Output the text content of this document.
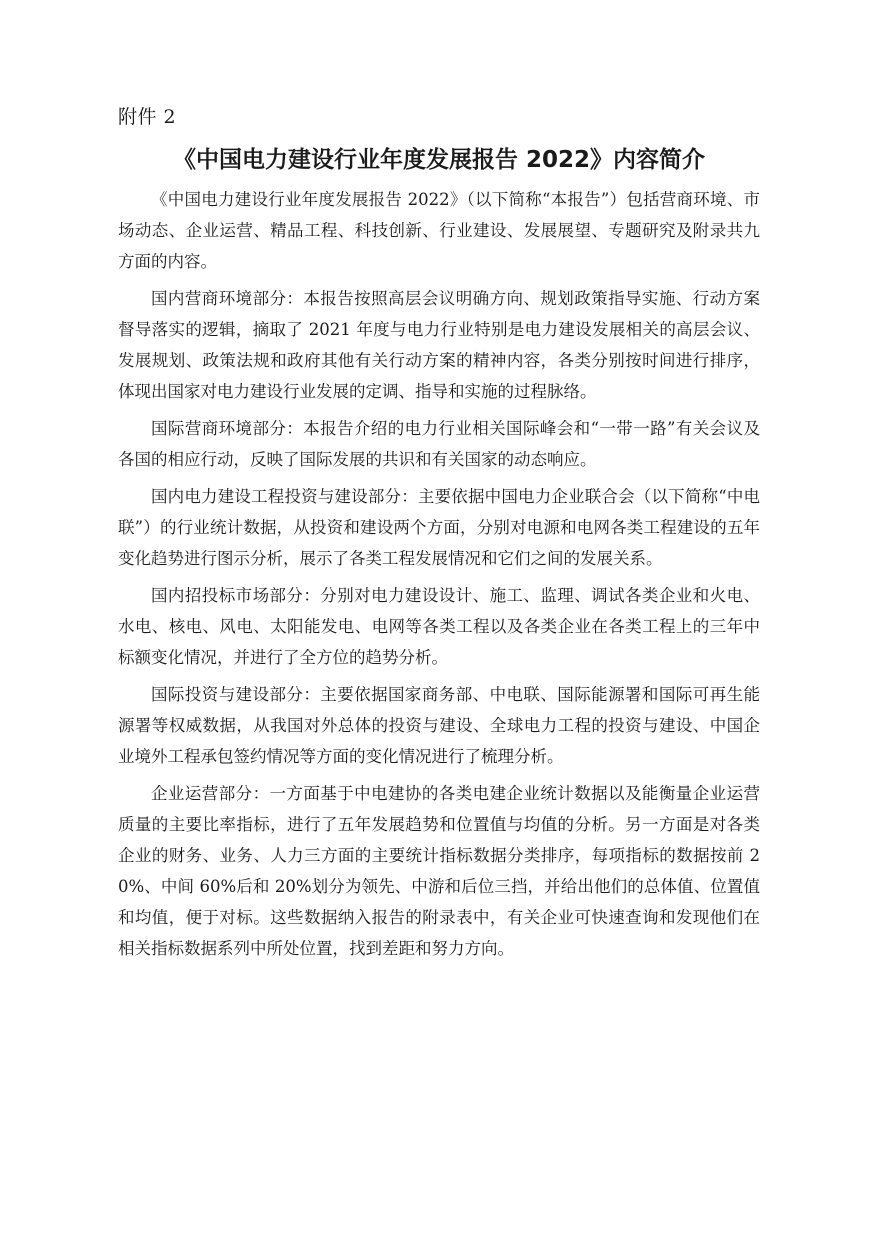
附件 2
《中国电力建设行业年度发展报告 2022》内容简介

《中国电力建设行业年度发展报告 2022》（以下简称“本报告”）包括营商环境、市场动态、企业运营、精品工程、科技创新、行业建设、发展展望、专题研究及附录共九方面的内容。

国内营商环境部分：本报告按照高层会议明确方向、规划政策指导实施、行动方案督导落实的逻辑，摘取了 2021 年度与电力行业特别是电力建设发展相关的高层会议、发展规划、政策法规和政府其他有关行动方案的精神内容，各类分别按时间进行排序，体现出国家对电力建设行业发展的定调、指导和实施的过程脉络。

国际营商环境部分：本报告介绍的电力行业相关国际峰会和“一带一路”有关会议及各国的相应行动，反映了国际发展的共识和有关国家的动态响应。

国内电力建设工程投资与建设部分：主要依据中国电力企业联合会（以下简称“中电联”）的行业统计数据，从投资和建设两个方面，分别对电源和电网各类工程建设的五年变化趋势进行图示分析，展示了各类工程发展情况和它们之间的发展关系。

国内招投标市场部分：分别对电力建设设计、施工、监理、调试各类企业和火电、水电、核电、风电、太阳能发电、电网等各类工程以及各类企业在各类工程上的三年中标额变化情况，并进行了全方位的趋势分析。

国际投资与建设部分：主要依据国家商务部、中电联、国际能源署和国际可再生能源署等权威数据，从我国对外总体的投资与建设、全球电力工程的投资与建设、中国企业境外工程承包签约情况等方面的变化情况进行了梳理分析。

企业运营部分：一方面基于中电建协的各类电建企业统计数据以及能衡量企业运营质量的主要比率指标，进行了五年发展趋势和位置值与均值的分析。另一方面是对各类企业的财务、业务、人力三方面的主要统计指标数据分类排序，每项指标的数据按前 20%、中间 60%后和 20%划分为领先、中游和后位三挡，并给出他们的总体值、位置值和均值，便于对标。这些数据纳入报告的附录表中，有关企业可快速查询和发现他们在相关指标数据系列中所处位置，找到差距和努力方向。
